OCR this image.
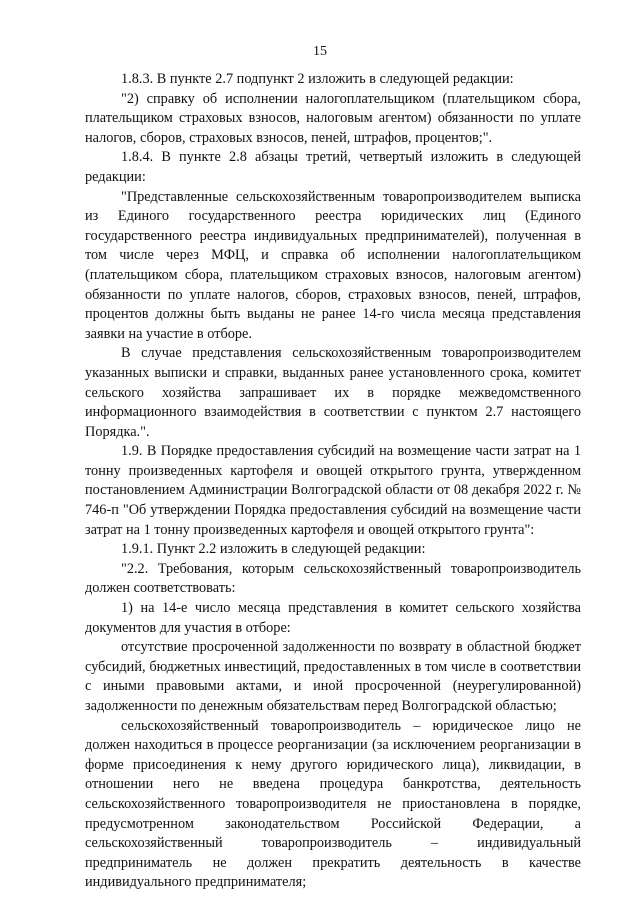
15

1.8.3. В пункте 2.7 подпункт 2 изложить в следующей редакции:

"2) справку об исполнении налогоплательщиком (плательщиком сбора, плательщиком страховых взносов, налоговым агентом) обязанности по уплате налогов, сборов, страховых взносов, пеней, штрафов, процентов;".

1.8.4. В пункте 2.8 абзацы третий, четвертый изложить в следующей редакции:

"Представленные сельскохозяйственным товаропроизводителем выписка из Единого государственного реестра юридических лиц (Единого государственного реестра индивидуальных предпринимателей), полученная в том числе через МФЦ, и справка об исполнении налогоплательщиком (плательщиком сбора, плательщиком страховых взносов, налоговым агентом) обязанности по уплате налогов, сборов, страховых взносов, пеней, штрафов, процентов должны быть выданы не ранее 14-го числа месяца представления заявки на участие в отборе.

В случае представления сельскохозяйственным товаропроизводителем указанных выписки и справки, выданных ранее установленного срока, комитет сельского хозяйства запрашивает их в порядке межведомственного информационного взаимодействия в соответствии с пунктом 2.7 настоящего Порядка.".

1.9. В Порядке предоставления субсидий на возмещение части затрат на 1 тонну произведенных картофеля и овощей открытого грунта, утвержденном постановлением Администрации Волгоградской области от 08 декабря 2022 г. № 746-п "Об утверждении Порядка предоставления субсидий на возмещение части затрат на 1 тонну произведенных картофеля и овощей открытого грунта":

1.9.1. Пункт 2.2 изложить в следующей редакции:

"2.2. Требования, которым сельскохозяйственный товаропроизводитель должен соответствовать:

1) на 14-е число месяца представления в комитет сельского хозяйства документов для участия в отборе:

отсутствие просроченной задолженности по возврату в областной бюджет субсидий, бюджетных инвестиций, предоставленных в том числе в соответствии с иными правовыми актами, и иной просроченной (неурегулированной) задолженности по денежным обязательствам перед Волгоградской областью;

сельскохозяйственный товаропроизводитель – юридическое лицо не должен находиться в процессе реорганизации (за исключением реорганизации в форме присоединения к нему другого юридического лица), ликвидации, в отношении него не введена процедура банкротства, деятельность сельскохозяйственного товаропроизводителя не приостановлена в порядке, предусмотренном законодательством Российской Федерации, а сельскохозяйственный товаропроизводитель – индивидуальный предприниматель не должен прекратить деятельность в качестве индивидуального предпринимателя;
